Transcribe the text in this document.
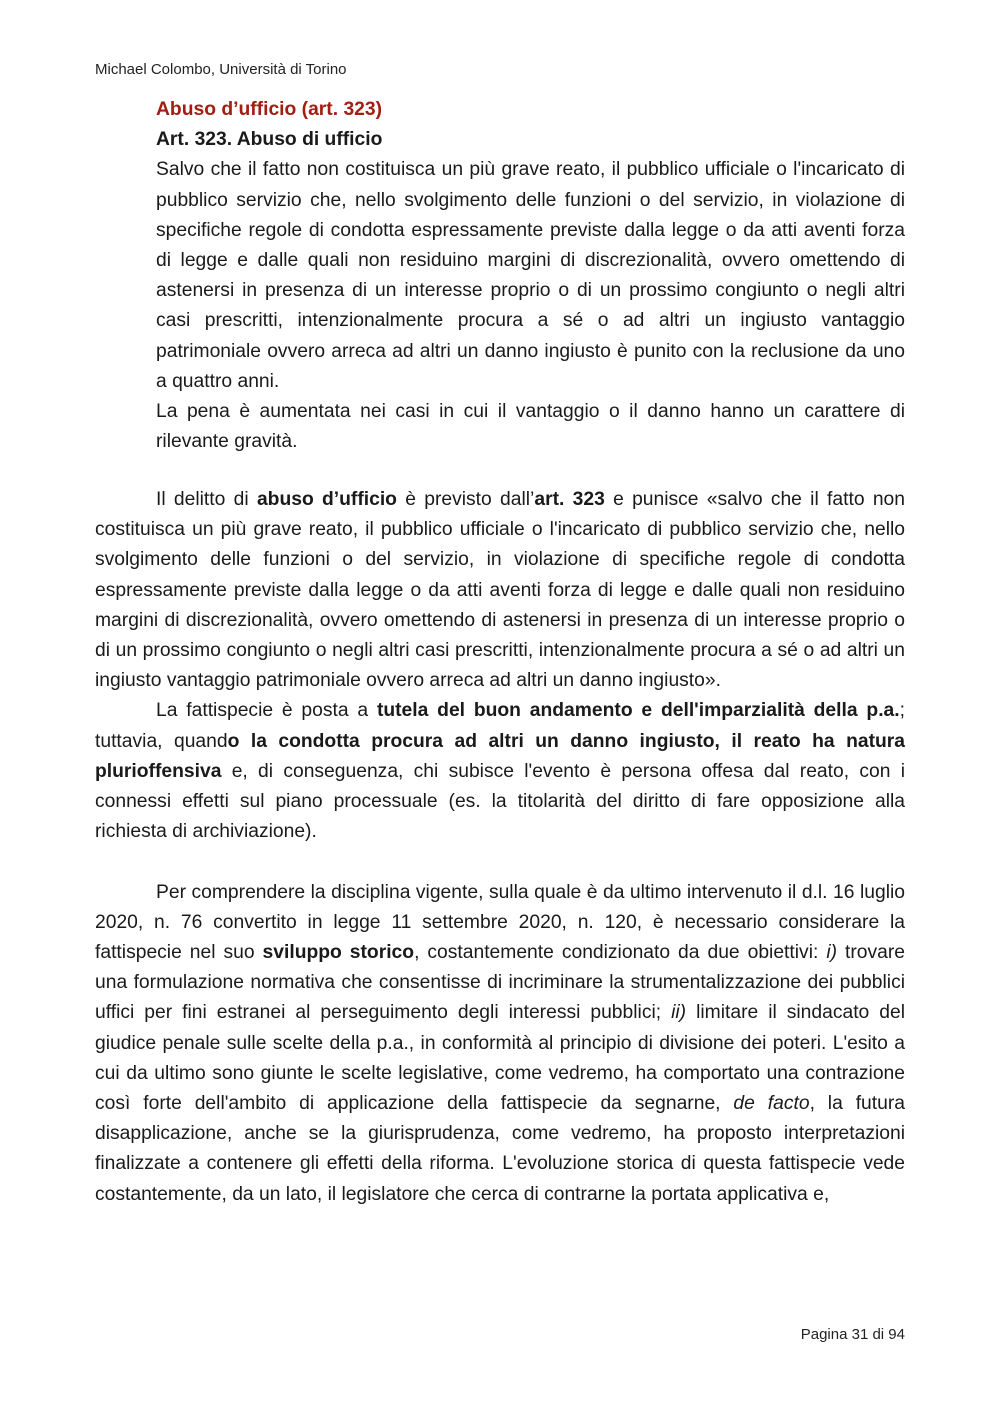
Michael Colombo, Università di Torino
Abuso d’ufficio (art. 323)
Art. 323. Abuso di ufficio

Salvo che il fatto non costituisca un più grave reato, il pubblico ufficiale o l'incaricato di pubblico servizio che, nello svolgimento delle funzioni o del servizio, in violazione di specifiche regole di condotta espressamente previste dalla legge o da atti aventi forza di legge e dalle quali non residuino margini di discrezionalità, ovvero omettendo di astenersi in presenza di un interesse proprio o di un prossimo congiunto o negli altri casi prescritti, intenzionalmente procura a sé o ad altri un ingiusto vantaggio patrimoniale ovvero arreca ad altri un danno ingiusto è punito con la reclusione da uno a quattro anni.

La pena è aumentata nei casi in cui il vantaggio o il danno hanno un carattere di rilevante gravità.

Il delitto di abuso d’ufficio è previsto dall’art. 323 e punisce «salvo che il fatto non costituisca un più grave reato, il pubblico ufficiale o l'incaricato di pubblico servizio che, nello svolgimento delle funzioni o del servizio, in violazione di specifiche regole di condotta espressamente previste dalla legge o da atti aventi forza di legge e dalle quali non residuino margini di discrezionalità, ovvero omettendo di astenersi in presenza di un interesse proprio o di un prossimo congiunto o negli altri casi prescritti, intenzionalmente procura a sé o ad altri un ingiusto vantaggio patrimoniale ovvero arreca ad altri un danno ingiusto».

La fattispecie è posta a tutela del buon andamento e dell'imparzialità della p.a.; tuttavia, quando la condotta procura ad altri un danno ingiusto, il reato ha natura plurioffensiva e, di conseguenza, chi subisce l'evento è persona offesa dal reato, con i connessi effetti sul piano processuale (es. la titolarità del diritto di fare opposizione alla richiesta di archiviazione).

Per comprendere la disciplina vigente, sulla quale è da ultimo intervenuto il d.l. 16 luglio 2020, n. 76 convertito in legge 11 settembre 2020, n. 120, è necessario considerare la fattispecie nel suo sviluppo storico, costantemente condizionato da due obiettivi: i) trovare una formulazione normativa che consentisse di incriminare la strumentalizzazione dei pubblici uffici per fini estranei al perseguimento degli interessi pubblici; ii) limitare il sindacato del giudice penale sulle scelte della p.a., in conformità al principio di divisione dei poteri. L'esito a cui da ultimo sono giunte le scelte legislative, come vedremo, ha comportato una contrazione così forte dell'ambito di applicazione della fattispecie da segnarne, de facto, la futura disapplicazione, anche se la giurisprudenza, come vedremo, ha proposto interpretazioni finalizzate a contenere gli effetti della riforma. L'evoluzione storica di questa fattispecie vede costantemente, da un lato, il legislatore che cerca di contrarne la portata applicativa e,

Pagina 31 di 94
